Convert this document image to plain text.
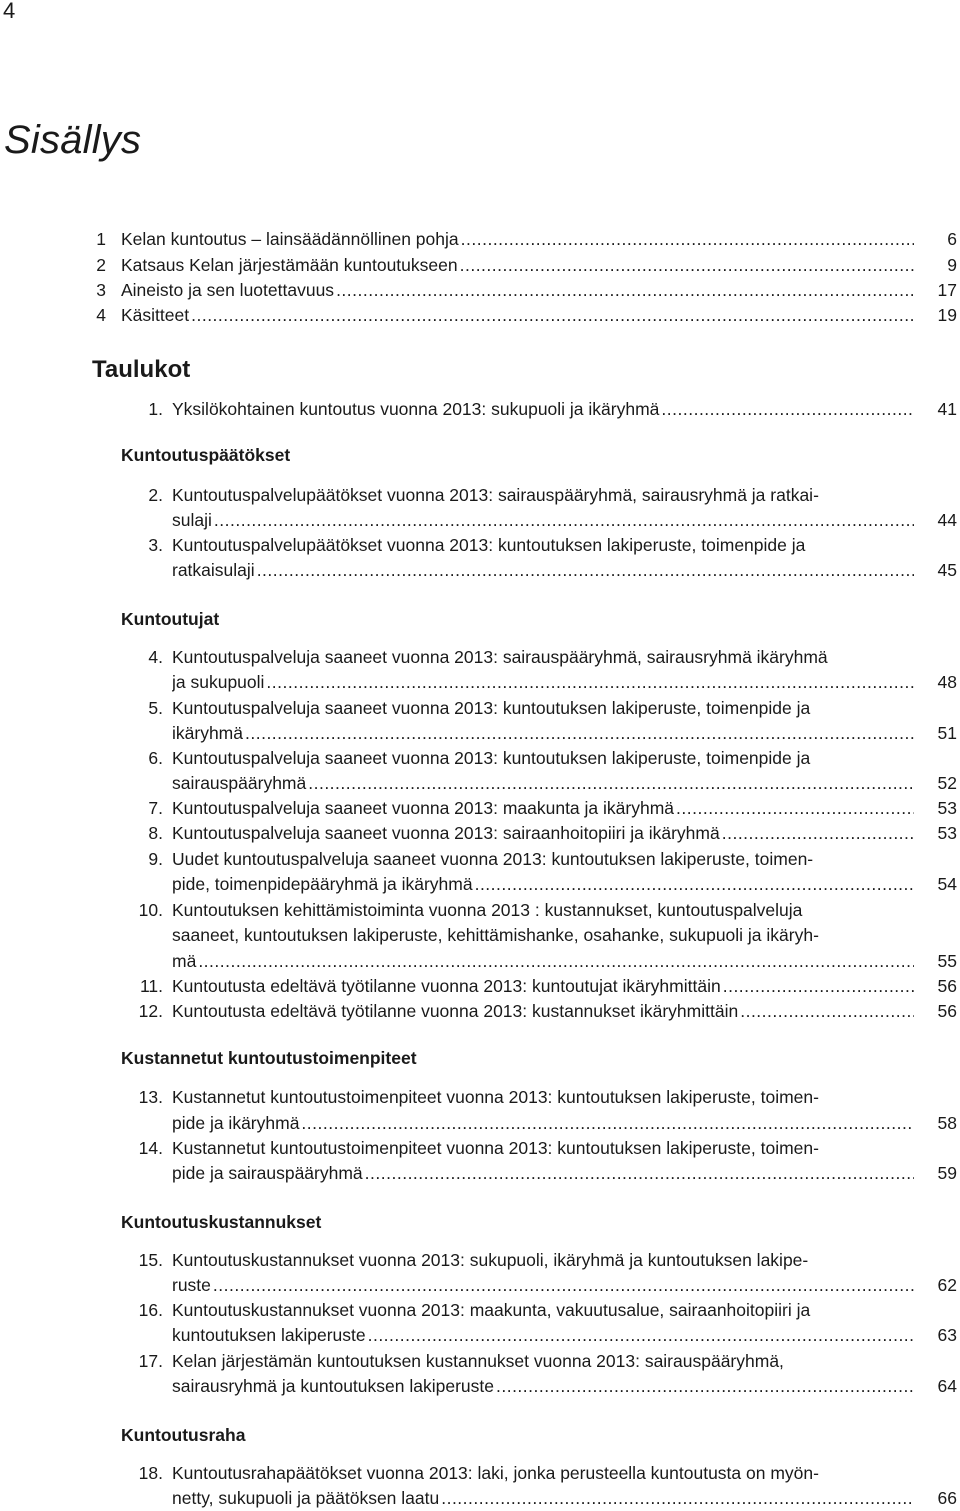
4
Sisällys
1 Kelan kuntoutus – lainsäädännöllinen pohja .....	6
2 Katsaus Kelan järjestämään kuntoutukseen .....	9
3 Aineisto ja sen luotettavuus .....	17
4 Käsitteet .....	19
Taulukot
1. Yksilökohtainen kuntoutus vuonna 2013: sukupuoli ja ikäryhmä .....	41
Kuntoutuspäätökset
2. Kuntoutuspalvelupäätökset vuonna 2013: sairauspääryhmä, sairausryhmä ja ratkai-
sulaji .....	44
3. Kuntoutuspalvelupäätökset vuonna 2013: kuntoutuksen lakiperuste, toimenpide ja
ratkaisulaji .....	45
Kuntoutujat
4. Kuntoutuspalveluja saaneet vuonna 2013: sairauspääryhmä, sairausryhmä ikäryhmä
ja sukupuoli .....	48
5. Kuntoutuspalveluja saaneet vuonna 2013: kuntoutuksen lakiperuste, toimenpide ja
ikäryhmä .....	51
6. Kuntoutuspalveluja saaneet vuonna 2013: kuntoutuksen lakiperuste, toimenpide ja
sairauspääryhmä .....	52
7. Kuntoutuspalveluja saaneet vuonna 2013: maakunta ja ikäryhmä .....	53
8. Kuntoutuspalveluja saaneet vuonna 2013: sairaanhoitopiiri ja ikäryhmä .....	53
9. Uudet kuntoutuspalveluja saaneet vuonna 2013: kuntoutuksen lakiperuste, toimen-
pide, toimenpidepääryhmä ja ikäryhmä .....	54
10. Kuntoutuksen kehittämistoiminta vuonna 2013 : kustannukset, kuntoutuspalveluja
saaneet, kuntoutuksen lakiperuste, kehittämishanke, osahanke, sukupuoli ja ikäryh-
mä .....	55
11. Kuntoutusta edeltävä työtilanne vuonna 2013: kuntoutujat ikäryhmittäin .....	56
12. Kuntoutusta edeltävä työtilanne vuonna 2013: kustannukset ikäryhmittäin .....	56
Kustannetut kuntoutustoimenpiteet
13. Kustannetut kuntoutustoimenpiteet vuonna 2013: kuntoutuksen lakiperuste, toimen-
pide ja ikäryhmä .....	58
14. Kustannetut kuntoutustoimenpiteet vuonna 2013: kuntoutuksen lakiperuste, toimen-
pide ja sairauspääryhmä .....	59
Kuntoutuskustannukset
15. Kuntoutuskustannukset vuonna 2013: sukupuoli, ikäryhmä ja kuntoutuksen lakipe-
ruste .....	62
16. Kuntoutuskustannukset vuonna 2013: maakunta, vakuutusalue, sairaanhoitopiiri ja
kuntoutuksen lakiperuste .....	63
17. Kelan järjestämän kuntoutuksen kustannukset vuonna 2013: sairauspääryhmä,
sairausryhmä ja kuntoutuksen lakiperuste .....	64
Kuntoutusraha
18. Kuntoutusrahapäätökset vuonna 2013: laki, jonka perusteella kuntoutusta on myön-
netty, sukupuoli ja päätöksen laatu .....	66
